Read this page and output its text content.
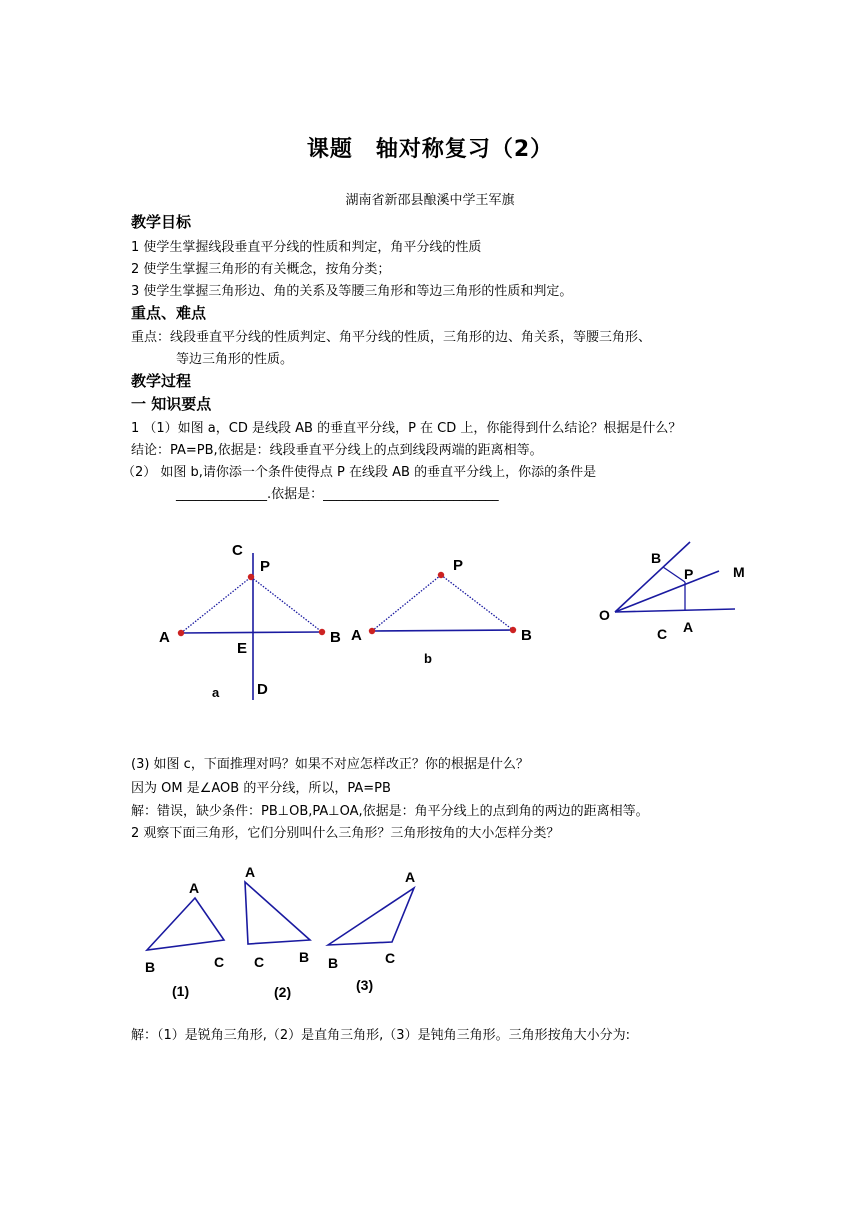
课题　轴对称复习（2）
湖南省新邵县酿溪中学王军旗
教学目标
1 使学生掌握线段垂直平分线的性质和判定，角平分线的性质
2 使学生掌握三角形的有关概念，按角分类；
3 使学生掌握三角形边、角的关系及等腰三角形和等边三角形的性质和判定。
重点、难点
重点：线段垂直平分线的性质判定、角平分线的性质，三角形的边、角关系，等腰三角形、
等边三角形的性质。
教学过程
一 知识要点
1 （1）如图 a，CD 是线段 AB 的垂直平分线，P 在 CD 上，你能得到什么结论？根据是什么？
结论：PA=PB,依据是：线段垂直平分线上的点到线段两端的距离相等。
（2） 如图 b,请你添一个条件使得点 P 在线段 AB 的垂直平分线上，你添的条件是
______________.依据是：___________________________
C
P
A	B
E
D
a
P
A	B
b
B
P	M
O
C A
(3) 如图 c，下面推理对吗？如果不对应怎样改正？你的根据是什么？
因为 OM 是∠AOB 的平分线，所以，PA=PB
解：错误，缺少条件：PB⊥OB,PA⊥OA,依据是：角平分线上的点到角的两边的距离相等。
2 观察下面三角形，它们分别叫什么三角形？三角形按角的大小怎样分类？
A
B	C
(1)
A
C B
(2)
A
B	C
(3)
解：（1）是锐角三角形,（2）是直角三角形,（3）是钝角三角形。三角形按角大小分为:
